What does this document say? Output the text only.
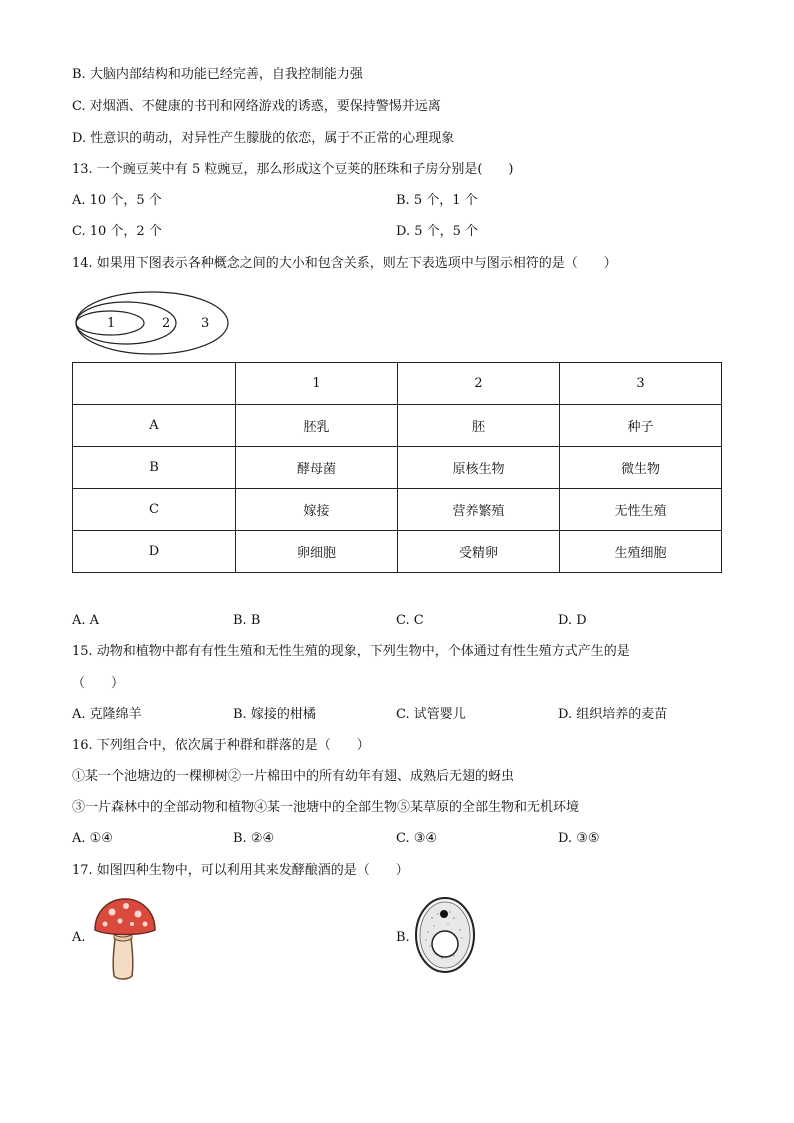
B. 大脑内部结构和功能已经完善，自我控制能力强
C. 对烟酒、不健康的书刊和网络游戏的诱惑，要保持警惕并远离
D. 性意识的萌动，对异性产生朦胧的依恋，属于不正常的心理现象
13. 一个豌豆荚中有 5 粒豌豆，那么形成这个豆荚的胚珠和子房分别是(　　)
A. 10 个，5 个	B. 5 个，1 个
C. 10 个，2 个	D. 5 个，5 个
14. 如果用下图表示各种概念之间的大小和包含关系，则左下表选项中与图示相符的是（　　）
1	2 3
	1	2	3
A	胚乳	胚	种子
B	酵母菌	原核生物	微生物
C	嫁接	营养繁殖	无性生殖
D	卵细胞	受精卵	生殖细胞
A. A	B. B	C. C	D. D
15. 动物和植物中都有有性生殖和无性生殖的现象，下列生物中，个体通过有性生殖方式产生的是
（　　）
A. 克隆绵羊	B. 嫁接的柑橘	C. 试管婴儿	D. 组织培养的麦苗
16. 下列组合中，依次属于种群和群落的是（　　）
①某一个池塘边的一棵柳树②一片棉田中的所有幼年有翅、成熟后无翅的蚜虫
③一片森林中的全部动物和植物④某一池塘中的全部生物⑤某草原的全部生物和无机环境
A. ①④	B. ②④	C. ③④	D. ③⑤
17. 如图四种生物中，可以利用其来发酵酿酒的是（　　）
A.	B.
